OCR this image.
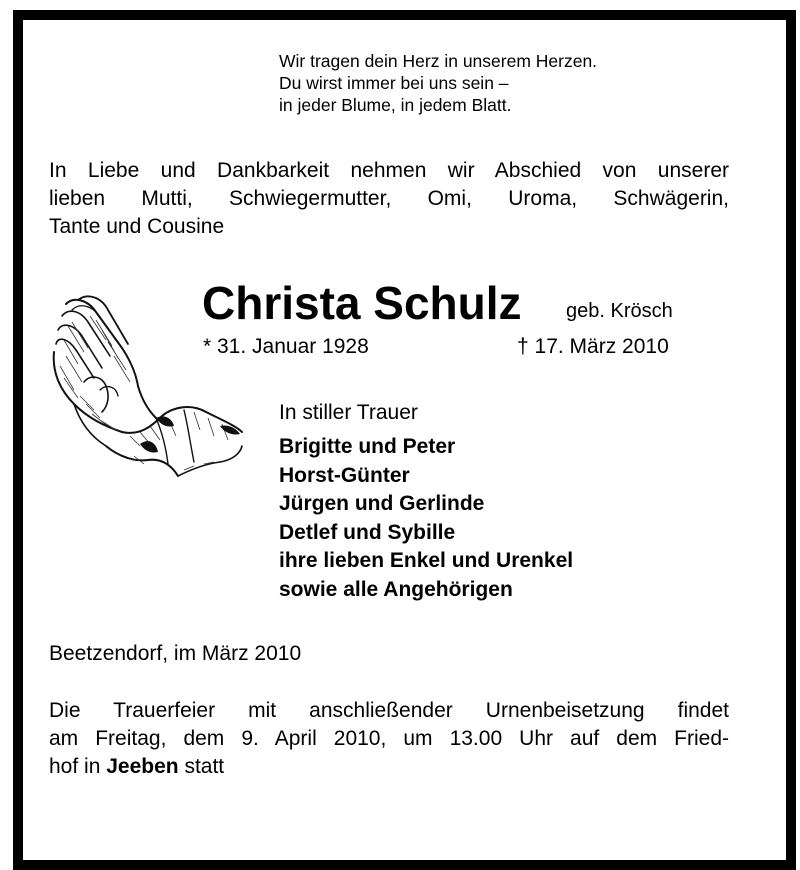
Wir tragen dein Herz in unserem Herzen.
Du wirst immer bei uns sein –
in jeder Blume, in jedem Blatt.
In Liebe und Dankbarkeit nehmen wir Abschied von unserer
lieben Mutti, Schwiegermutter, Omi, Uroma, Schwägerin,
Tante und Cousine
Christa Schulz geb. Krösch
* 31. Januar 1928	† 17. März 2010
In stiller Trauer
Brigitte und Peter
Horst-Günter
Jürgen und Gerlinde
Detlef und Sybille
ihre lieben Enkel und Urenkel
sowie alle Angehörigen
Beetzendorf, im März 2010
Die Trauerfeier mit anschließender Urnenbeisetzung findet
am Freitag, dem 9. April 2010, um 13.00 Uhr auf dem Fried-
hof in Jeeben statt
